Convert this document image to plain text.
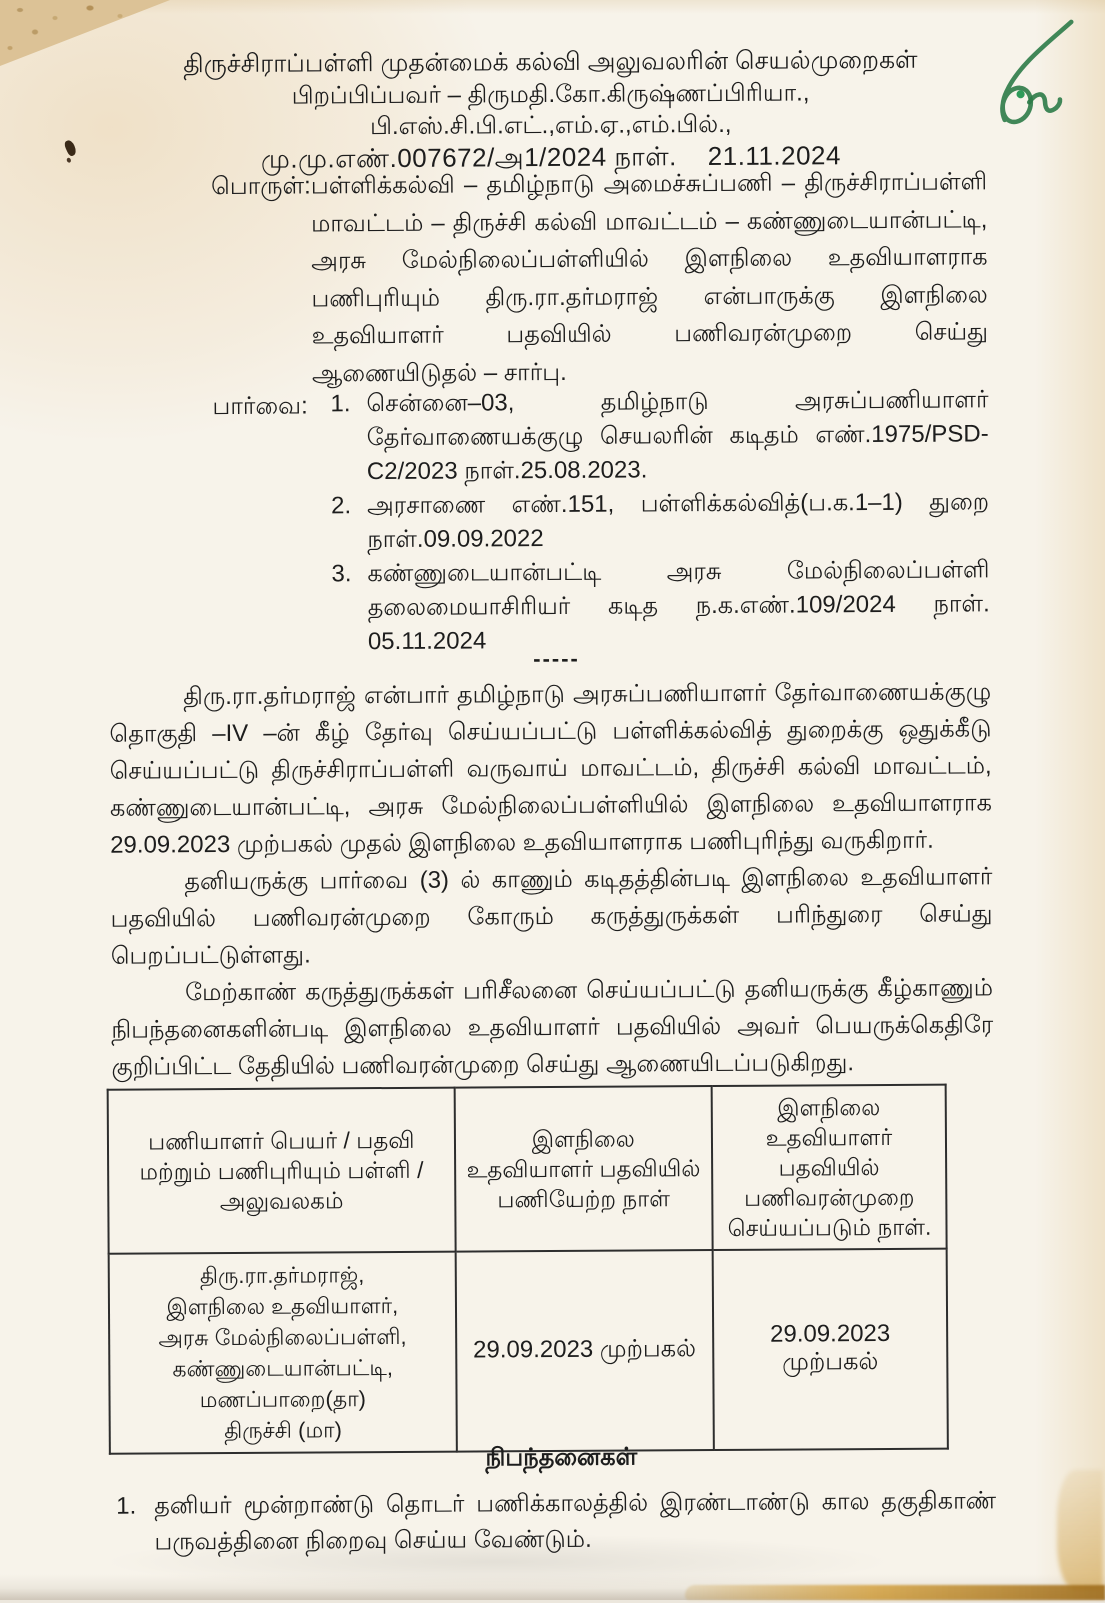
திருச்சிராப்பள்ளி முதன்மைக் கல்வி அலுவலரின் செயல்முறைகள்
பிறப்பிப்பவர் – திருமதி.கோ.கிருஷ்ணப்பிரியா., பி.எஸ்.சி.பி.எட்.,எம்.ஏ.,எம்.பில்.,
மு.மு.எண்.007672/அ1/2024 நாள்.    21.11.2024
பொருள்: பள்ளிக்கல்வி – தமிழ்நாடு அமைச்சுப்பணி – திருச்சிராப்பள்ளி மாவட்டம் – திருச்சி கல்வி மாவட்டம் – கண்ணுடையான்பட்டி, அரசு மேல்நிலைப்பள்ளியில் இளநிலை உதவியாளராக பணிபுரியும் திரு.ரா.தர்மராஜ் என்பாருக்கு இளநிலை உதவியாளர் பதவியில் பணிவரன்முறை செய்து ஆணையிடுதல் – சார்பு.
பார்வை: 1. சென்னை–03, தமிழ்நாடு அரசுப்பணியாளர் தேர்வாணையக்குழு செயலரின் கடிதம் எண்.1975/PSD-C2/2023 நாள்.25.08.2023.
2. அரசாணை எண்.151, பள்ளிக்கல்வித்(ப.க.1–1) துறை நாள்.09.09.2022
3. கண்ணுடையான்பட்டி அரசு மேல்நிலைப்பள்ளி தலைமையாசிரியர் கடித ந.க.எண்.109/2024 நாள். 05.11.2024
-----

திரு.ரா.தர்மராஜ் என்பார் தமிழ்நாடு அரசுப்பணியாளர் தேர்வாணையக்குழு தொகுதி –IV –ன் கீழ் தேர்வு செய்யப்பட்டு பள்ளிக்கல்வித் துறைக்கு ஒதுக்கீடு செய்யப்பட்டு திருச்சிராப்பள்ளி வருவாய் மாவட்டம், திருச்சி கல்வி மாவட்டம், கண்ணுடையான்பட்டி, அரசு மேல்நிலைப்பள்ளியில் இளநிலை உதவியாளராக 29.09.2023 முற்பகல் முதல் இளநிலை உதவியாளராக பணிபுரிந்து வருகிறார்.

தனியருக்கு பார்வை (3) ல் காணும் கடிதத்தின்படி இளநிலை உதவியாளர் பதவியில் பணிவரன்முறை கோரும் கருத்துருக்கள் பரிந்துரை செய்து பெறப்பட்டுள்ளது.

மேற்காண் கருத்துருக்கள் பரிசீலனை செய்யப்பட்டு தனியருக்கு கீழ்காணும் நிபந்தனைகளின்படி இளநிலை உதவியாளர் பதவியில் அவர் பெயருக்கெதிரே குறிப்பிட்ட தேதியில் பணிவரன்முறை செய்து ஆணையிடப்படுகிறது.

பணியாளர் பெயர் / பதவி மற்றும் பணிபுரியும் பள்ளி / அலுவலகம்	இளநிலை உதவியாளர் பதவியில் பணியேற்ற நாள்	இளநிலை உதவியாளர் பதவியில் பணிவரன்முறை செய்யப்படும் நாள்.

திரு.ரா.தர்மராஜ்,
இளநிலை உதவியாளர்,
அரசு மேல்நிலைப்பள்ளி,
கண்ணுடையான்பட்டி,
மணப்பாறை(தா)
திருச்சி (மா)
	29.09.2023 முற்பகல்	29.09.2023 முற்பகல்
நிபந்தனைகள்
1. தனியர் மூன்றாண்டு தொடர் பணிக்காலத்தில் இரண்டாண்டு கால தகுதிகாண் பருவத்தினை நிறைவு செய்ய வேண்டும்.
